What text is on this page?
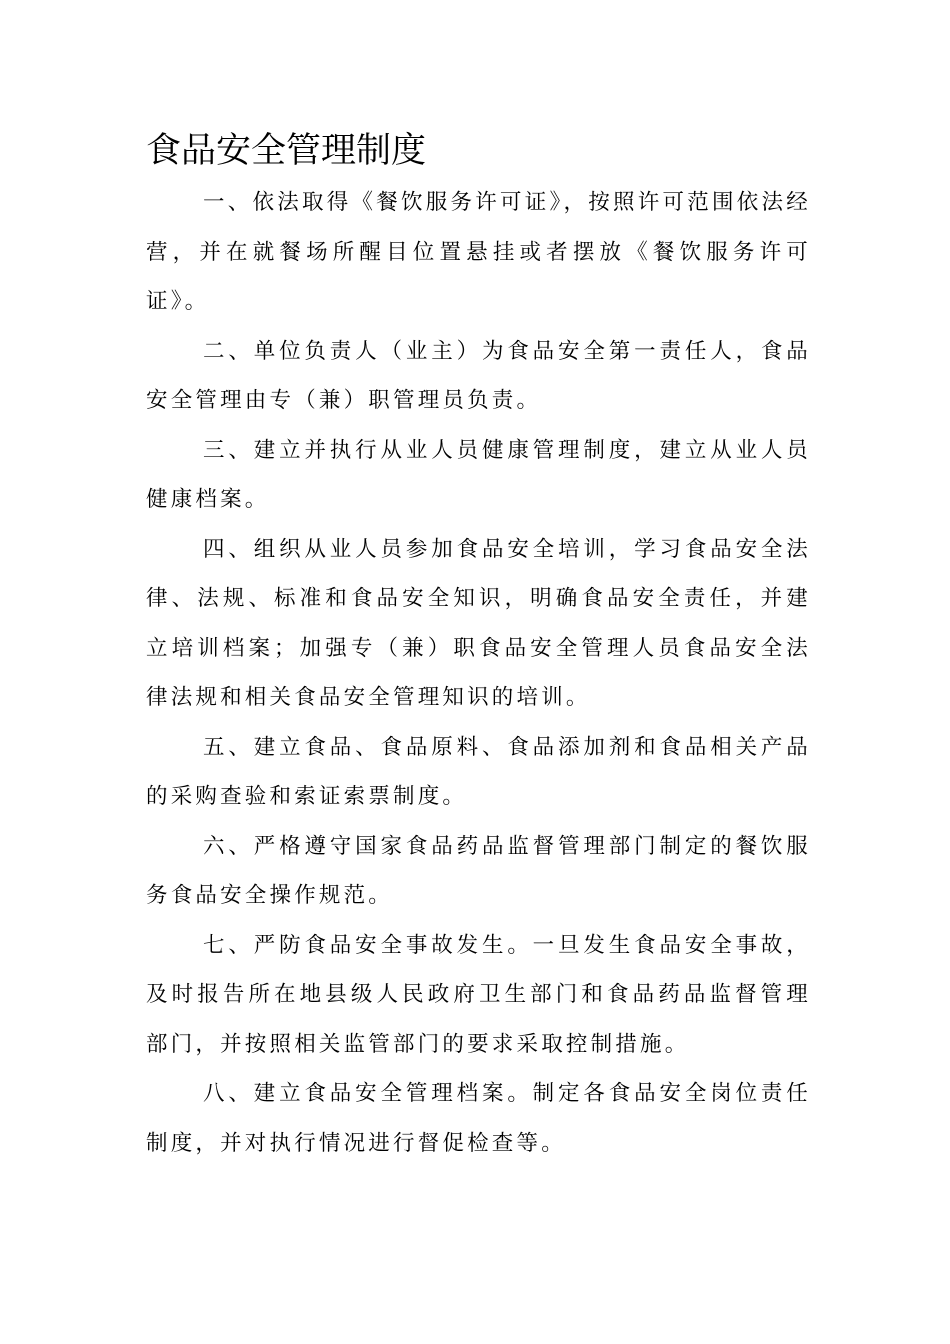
食品安全管理制度

一、依法取得《餐饮服务许可证》，按照许可范围依法经营，并在就餐场所醒目位置悬挂或者摆放《餐饮服务许可证》。

二、单位负责人（业主）为食品安全第一责任人，食品安全管理由专（兼）职管理员负责。

三、建立并执行从业人员健康管理制度，建立从业人员健康档案。

四、组织从业人员参加食品安全培训，学习食品安全法律、法规、标准和食品安全知识，明确食品安全责任，并建立培训档案；加强专（兼）职食品安全管理人员食品安全法律法规和相关食品安全管理知识的培训。

五、建立食品、食品原料、食品添加剂和食品相关产品的采购查验和索证索票制度。

六、严格遵守国家食品药品监督管理部门制定的餐饮服务食品安全操作规范。

七、严防食品安全事故发生。一旦发生食品安全事故，及时报告所在地县级人民政府卫生部门和食品药品监督管理部门，并按照相关监管部门的要求采取控制措施。

八、建立食品安全管理档案。制定各食品安全岗位责任制度，并对执行情况进行督促检查等。
